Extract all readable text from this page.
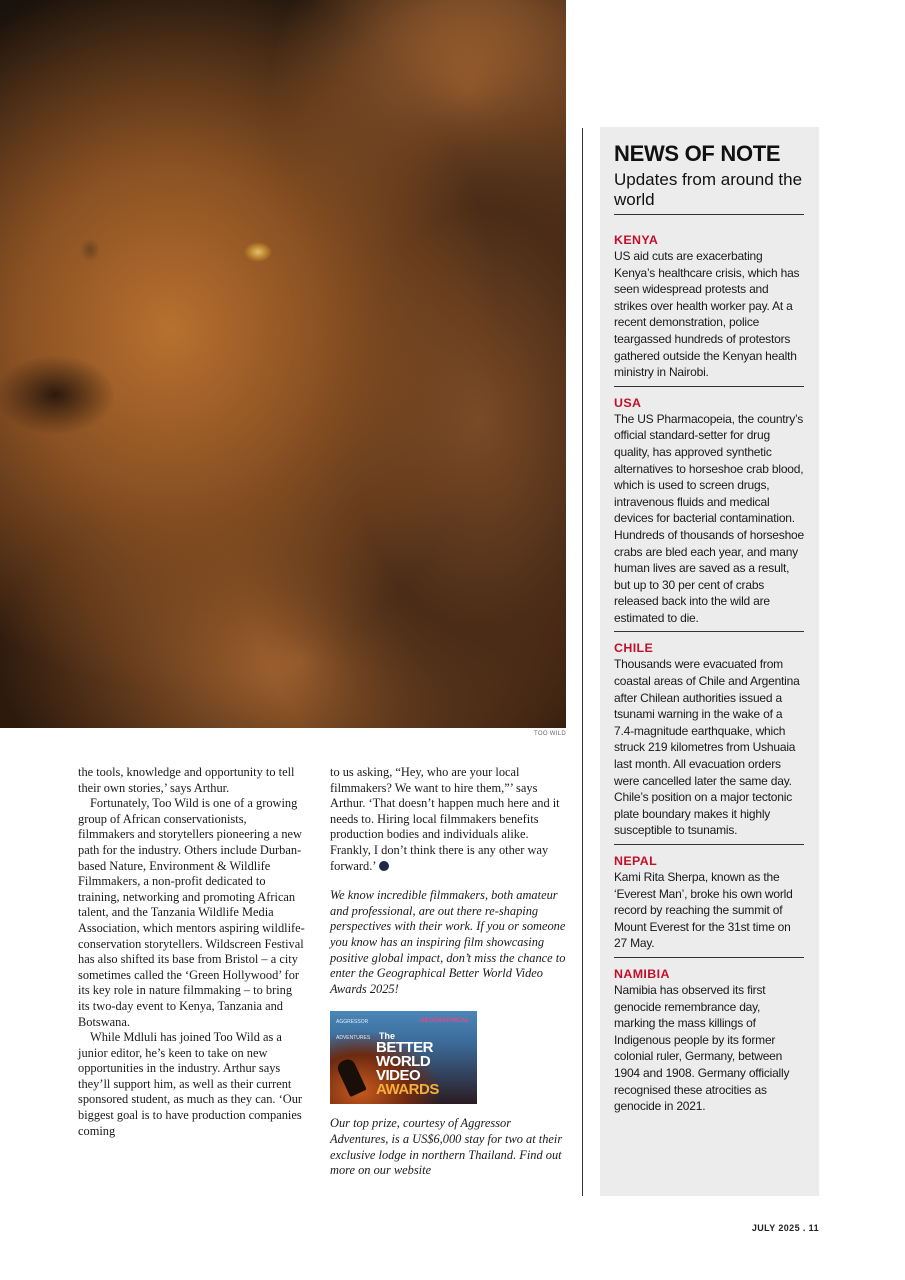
TOO WILD

the tools, knowledge and opportunity to tell their own stories,’ says Arthur.

Fortunately, Too Wild is one of a growing group of African conservationists, filmmakers and storytellers pioneering a new path for the industry. Others include Durban-based Nature, Environment & Wildlife Filmmakers, a non-profit dedicated to training, networking and promoting African talent, and the Tanzania Wildlife Media Association, which mentors aspiring wildlife-conservation storytellers. Wildscreen Festival has also shifted its base from Bristol – a city sometimes called the ‘Green Hollywood’ for its key role in nature filmmaking – to bring its two-day event to Kenya, Tanzania and Botswana.

While Mdluli has joined Too Wild as a junior editor, he’s keen to take on new opportunities in the industry. Arthur says they’ll support him, as well as their current sponsored student, as much as they can. ‘Our biggest goal is to have production companies coming

to us asking, “Hey, who are your local filmmakers? We want to hire them,”’ says Arthur. ‘That doesn’t happen much here and it needs to. Hiring local filmmakers benefits production bodies and individuals alike. Frankly, I don’t think there is any other way forward.’

We know incredible filmmakers, both amateur and professional, are out there re-shaping perspectives with their work. If you or someone you know has an inspiring film showcasing positive global impact, don’t miss the chance to enter the Geographical Better World Video Awards 2025!

AGGRESSOR
ADVENTURES
GEOGRAPHICAL
The
BETTER
WORLD
VIDEO
AWARDS

Our top prize, courtesy of Aggressor Adventures, is a US$6,000 stay for two at their exclusive lodge in northern Thailand. Find out more on our website

NEWS OF NOTE
Updates from around the world
KENYA

US aid cuts are exacerbating Kenya’s healthcare crisis, which has seen widespread protests and strikes over health worker pay. At a recent demonstration, police teargassed hundreds of protestors gathered outside the Kenyan health ministry in Nairobi.

USA

The US Pharmacopeia, the country’s official standard-setter for drug quality, has approved synthetic alternatives to horseshoe crab blood, which is used to screen drugs, intravenous fluids and medical devices for bacterial contamination. Hundreds of thousands of horseshoe crabs are bled each year, and many human lives are saved as a result, but up to 30 per cent of crabs released back into the wild are estimated to die.

CHILE

Thousands were evacuated from coastal areas of Chile and Argentina after Chilean authorities issued a tsunami warning in the wake of a 7.4-magnitude earthquake, which struck 219 kilometres from Ushuaia last month. All evacuation orders were cancelled later the same day. Chile’s position on a major tectonic plate boundary makes it highly susceptible to tsunamis.

NEPAL

Kami Rita Sherpa, known as the ‘Everest Man’, broke his own world record by reaching the summit of Mount Everest for the 31st time on 27 May.

NAMIBIA

Namibia has observed its first genocide remembrance day, marking the mass killings of Indigenous people by its former colonial ruler, Germany, between 1904 and 1908. Germany officially recognised these atrocities as genocide in 2021.

JULY 2025 . 11
